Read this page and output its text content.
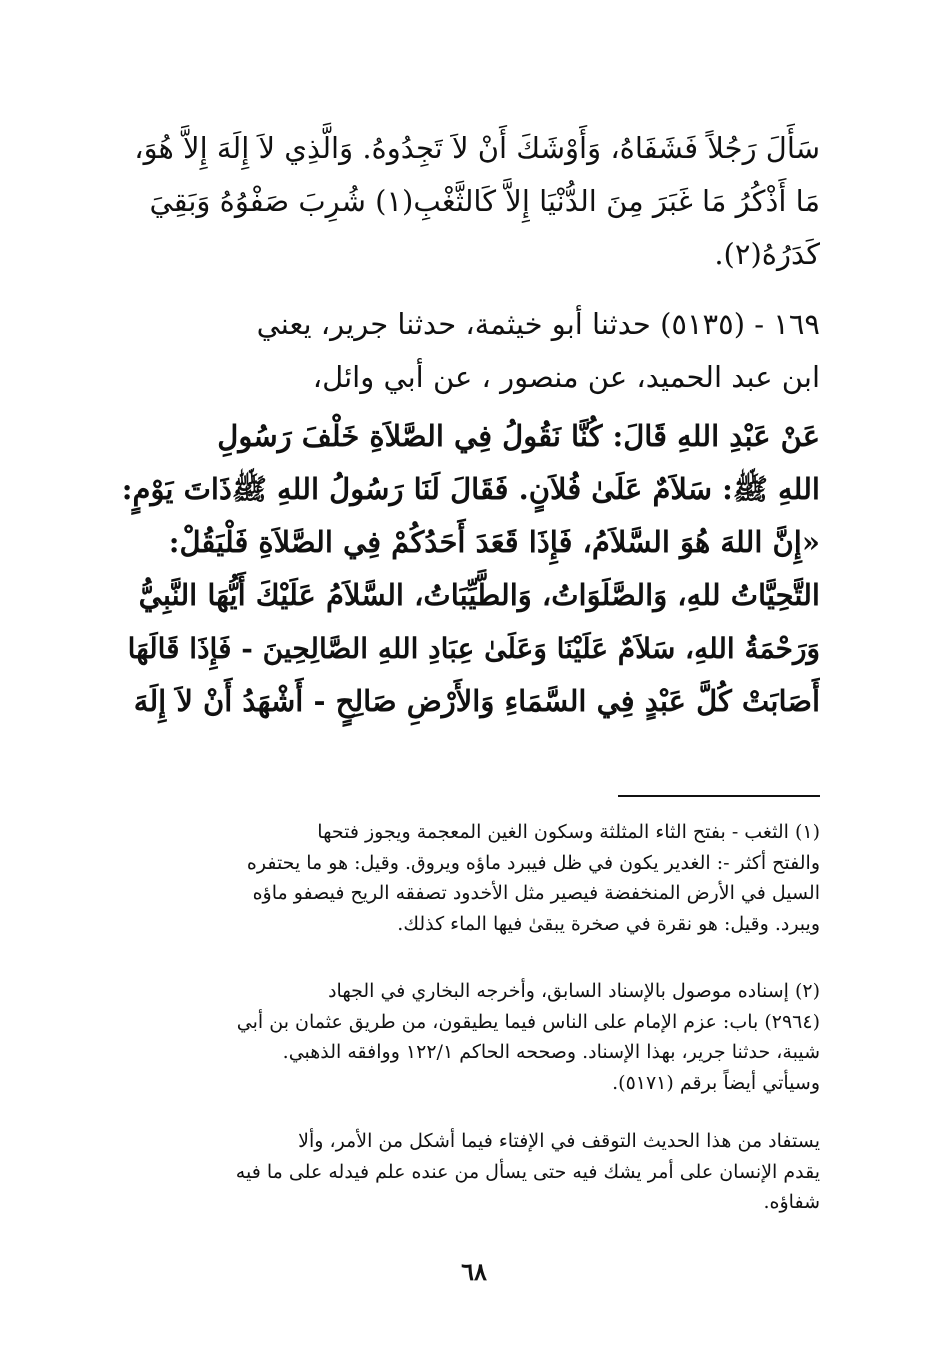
سَأَلَ رَجُلاً فَشَفَاهُ، وَأَوْشَكَ أَنْ لاَ تَجِدُوهُ. وَالَّذِي لاَ إِلَهَ إِلاَّ هُوَ،
مَا أَذْكُرُ مَا غَبَرَ مِنَ الدُّنْيَا إِلاَّ كَالثَّغْبِ(١) شُرِبَ صَفْوُهُ وَبَقِيَ
كَدَرُهُ(٢).
١٦٩ - (٥١٣٥) حدثنا أبو خيثمة، حدثنا جرير، يعني
ابن عبد الحميد، عن منصور ، عن أبي وائل،
عَنْ عَبْدِ اللهِ قَالَ: كُنَّا نَقُولُ فِي الصَّلاَةِ خَلْفَ رَسُولِ
اللهِ ﷺ: سَلاَمٌ عَلَىٰ فُلاَنٍ. فَقَالَ لَنَا رَسُولُ اللهِ ﷺذَاتَ يَوْمٍ:
«إِنَّ اللهَ هُوَ السَّلاَمُ، فَإِذَا قَعَدَ أَحَدُكُمْ فِي الصَّلاَةِ فَلْيَقُلْ:
التَّحِيَّاتُ للهِ، وَالصَّلَوَاتُ، وَالطَّيِّبَاتُ، السَّلاَمُ عَلَيْكَ أَيُّهَا النَّبِيُّ
وَرَحْمَةُ اللهِ، سَلاَمٌ عَلَيْنَا وَعَلَىٰ عِبَادِ اللهِ الصَّالِحِينَ - فَإِذَا قَالَهَا
أَصَابَتْ كُلَّ عَبْدٍ فِي السَّمَاءِ وَالأَرْضِ صَالِحٍ - أَشْهَدُ أَنْ لاَ إِلَهَ
(١) الثغب - بفتح الثاء المثلثة وسكون الغين المعجمة ويجوز فتحها
والفتح أكثر -: الغدير يكون في ظل فيبرد ماؤه ويروق. وقيل: هو ما يحتفره
السيل في الأرض المنخفضة فيصير مثل الأخدود تصفقه الريح فيصفو ماؤه
ويبرد. وقيل: هو نقرة في صخرة يبقىٰ فيها الماء كذلك.
(٢) إسناده موصول بالإسناد السابق، وأخرجه البخاري في الجهاد
(٢٩٦٤) باب: عزم الإمام على الناس فيما يطيقون، من طريق عثمان بن أبي
شيبة، حدثنا جرير، بهذا الإسناد. وصححه الحاكم ١٢٢/١ ووافقه الذهبي.
وسيأتي أيضاً برقم (٥١٧١).
يستفاد من هذا الحديث التوقف في الإفتاء فيما أشكل من الأمر، وألا
يقدم الإنسان على أمر يشك فيه حتى يسأل من عنده علم فيدله على ما فيه
شفاؤه.
٦٨
